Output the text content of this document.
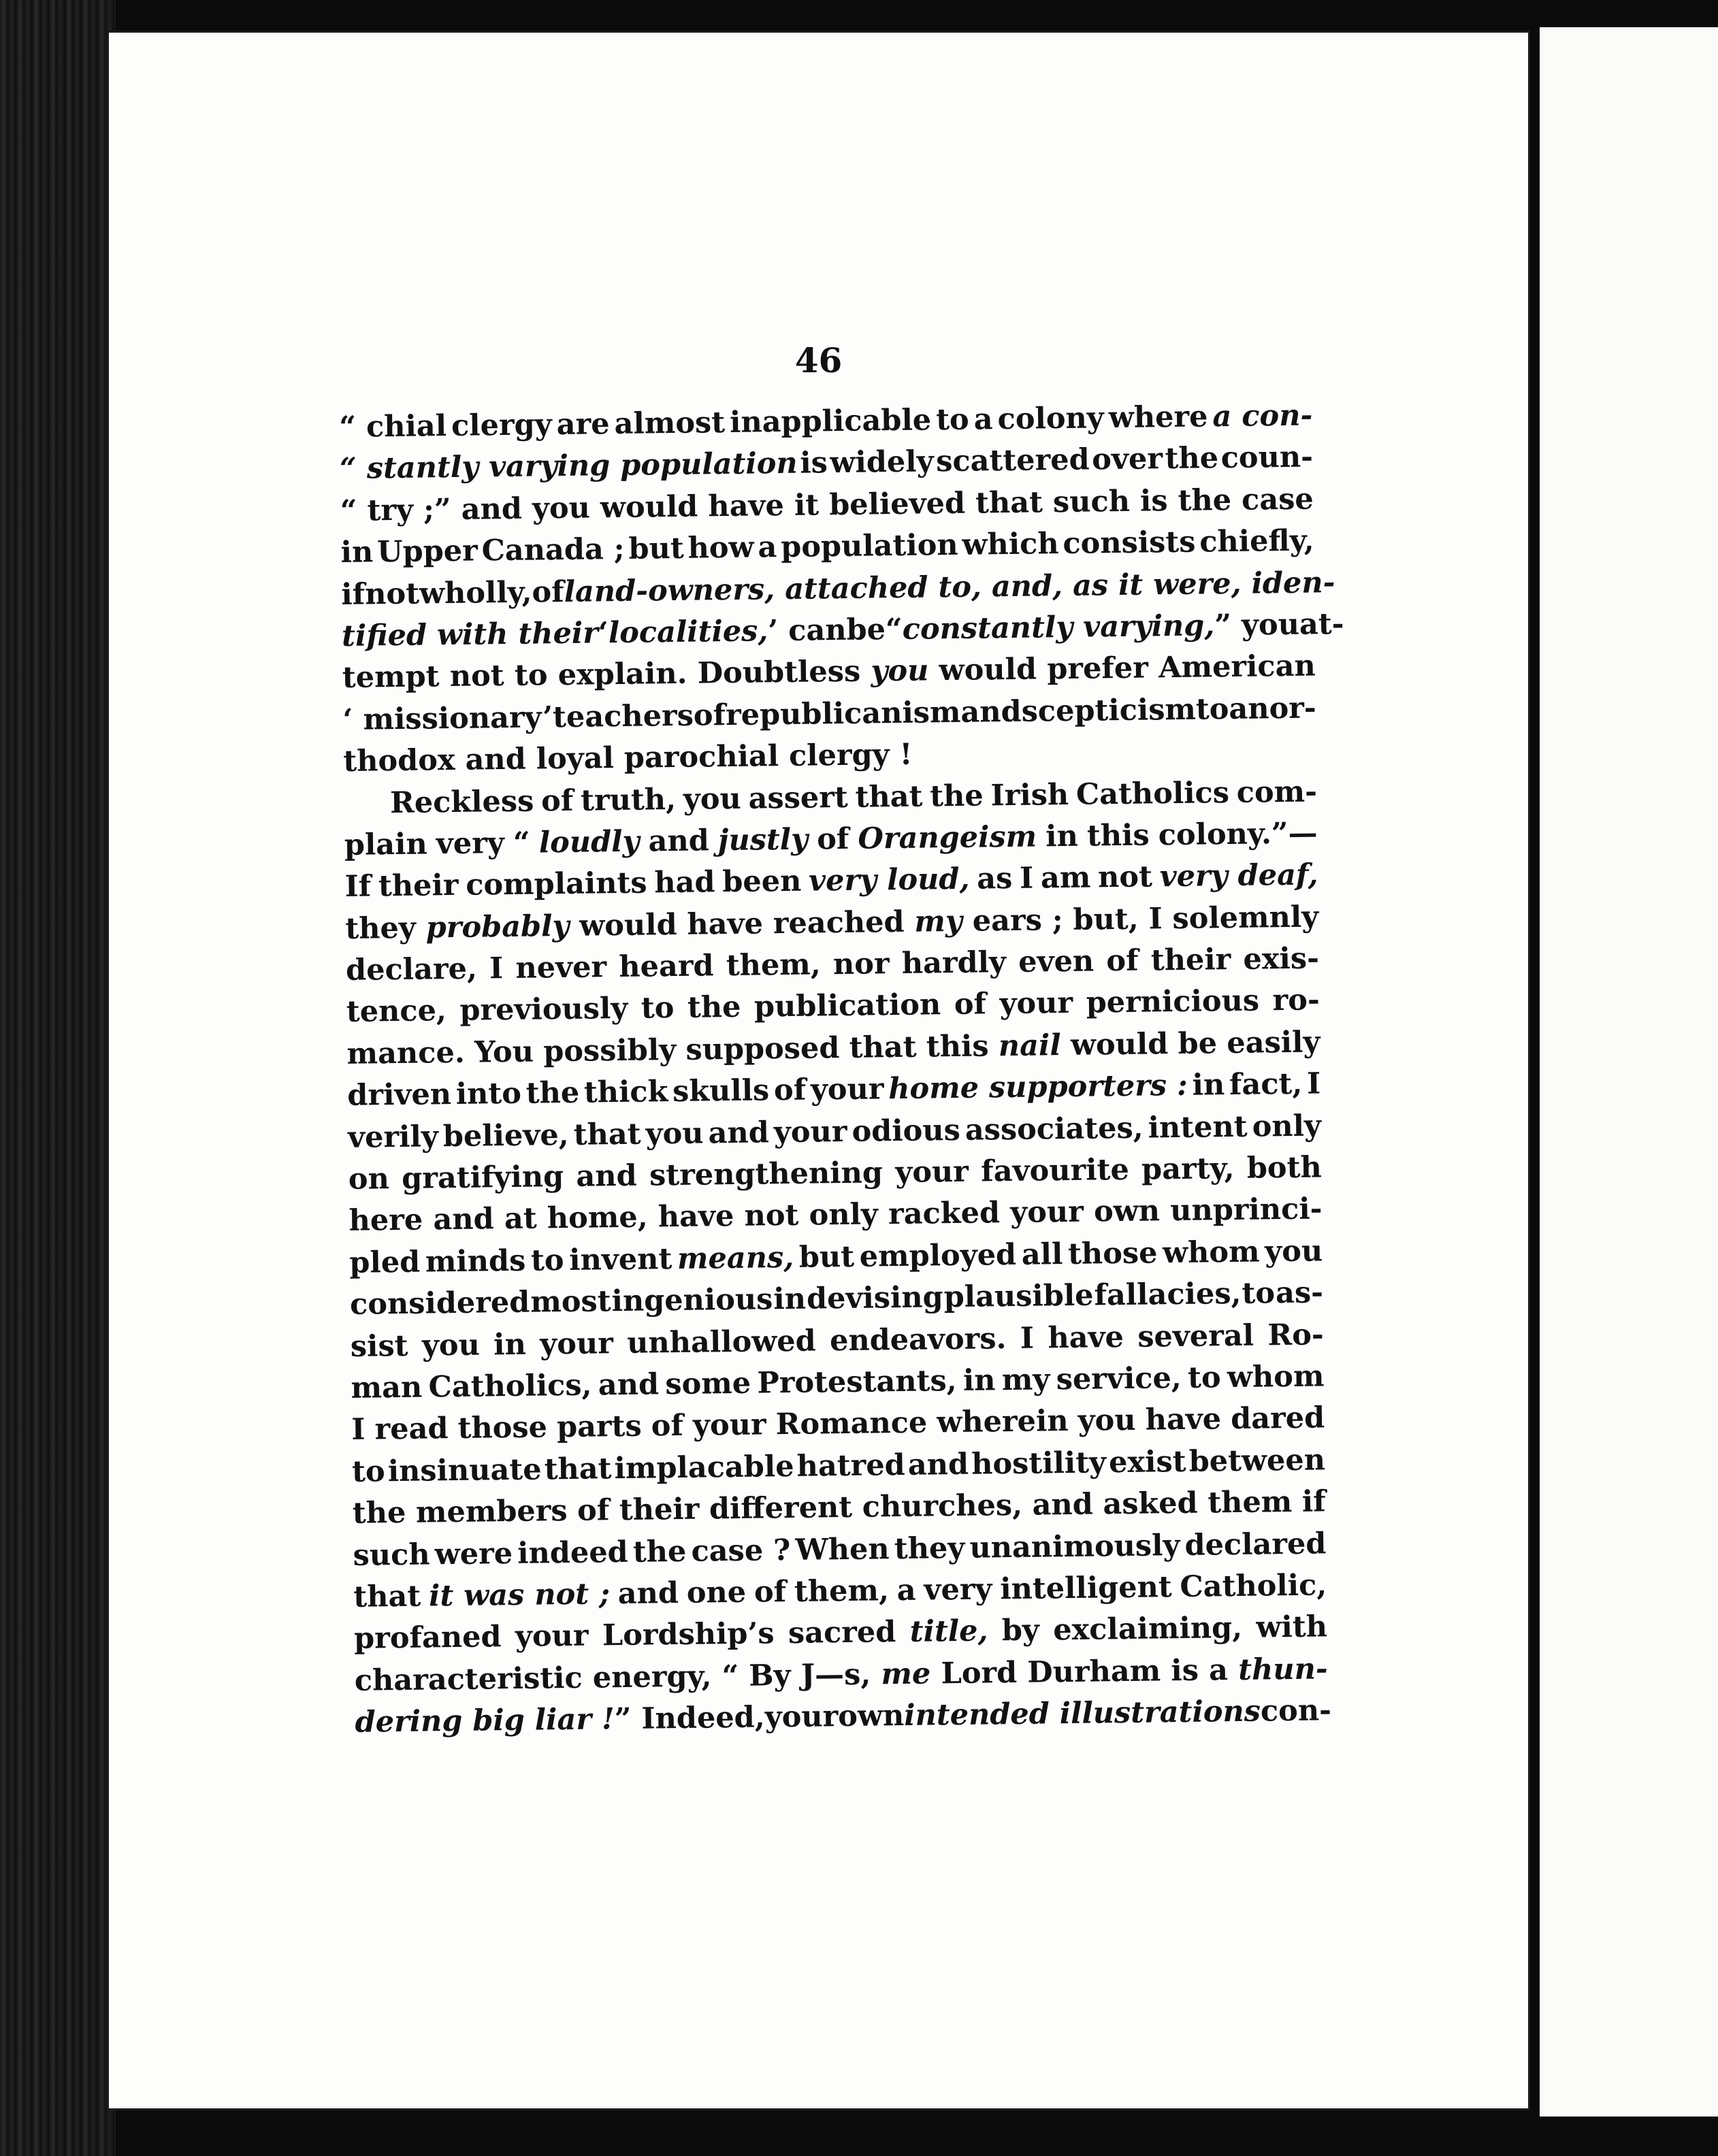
46

“ chial clergy are almost inapplicable to a colony where a con-
“ stantly varying population is widely scattered over the coun-
“ try ;” and you would have it believed that such is the case
in Upper Canada ; but how a population which consists chiefly,
if not wholly, of land-owners, attached to, and, as it were, iden-
tified with their ‘ localities, ’ can be “ constantly varying, ” you at-
tempt not to explain. Doubtless you would prefer American
‘ missionary’ teachers of republicanism and scepticism to an or-
thodox and loyal parochial clergy !
Reckless of truth, you assert that the Irish Catholics com-
plain very “ loudly and justly of Orangeism in this colony.”—
If their complaints had been very loud, as I am not very deaf,
they probably would have reached my ears ; but, I solemnly
declare, I never heard them, nor hardly even of their exis-
tence, previously to the publication of your pernicious ro-
mance. You possibly supposed that this nail would be easily
driven into the thick skulls of your home supporters : in fact, I
verily believe, that you and your odious associates, intent only
on gratifying and strengthening your favourite party, both
here and at home, have not only racked your own unprinci-
pled minds to invent means, but employed all those whom you
considered most ingenious in devising plausible fallacies, to as-
sist you in your unhallowed endeavors. I have several Ro-
man Catholics, and some Protestants, in my service, to whom
I read those parts of your Romance wherein you have dared
to insinuate that implacable hatred and hostility exist between
the members of their different churches, and asked them if
such were indeed the case ? When they unanimously declared
that it was not ; and one of them, a very intelligent Catholic,
profaned your Lordship’s sacred title, by exclaiming, with
characteristic energy, “ By J—s, me Lord Durham is a thun-
dering big liar ! ” Indeed, your own intended illustrations con-
